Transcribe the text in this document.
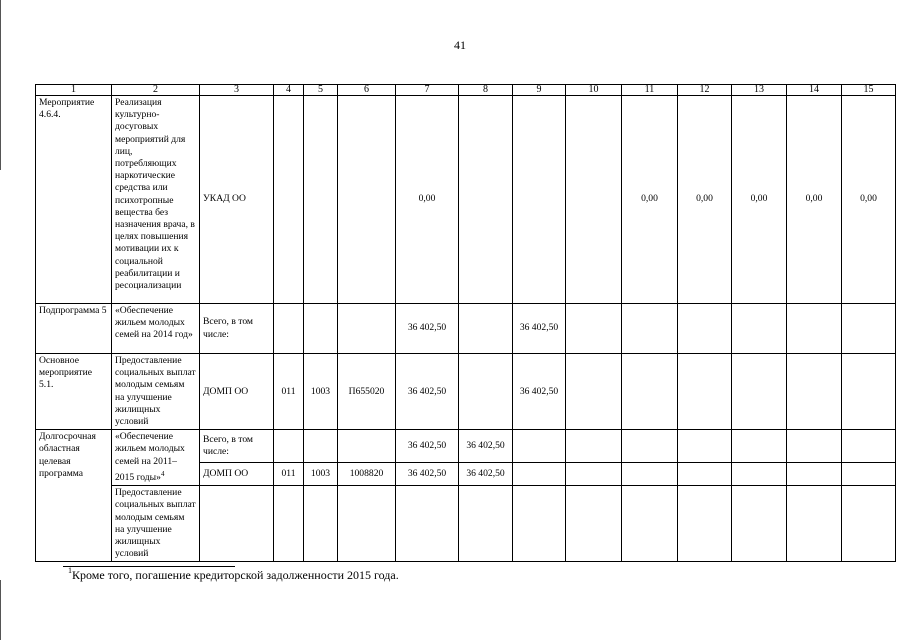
41
1	2	3	4	5	6	7	8	9	10	11	12	13	14	15
Мероприятие 4.6.4.	Реализация культурно-досуговых мероприятий для лиц, потребляющих наркотические средства или психотропные вещества без назначения врача, в целях повышения мотивации их к социальной реабилитации и ресоциализации	УКАД ОО				0,00				0,00	0,00	0,00	0,00	0,00
Подпрограмма 5	«Обеспечение жильем молодых семей на 2014 год»	Всего, в том числе:				36 402,50		36 402,50						
Основное мероприятие 5.1.	Предоставление социальных выплат молодым семьям на улучшение жилищных условий	ДОМП ОО	011	1003	П655020	36 402,50		36 402,50						
Долгосрочная областная целевая программа	«Обеспечение жильем молодых семей на 2011–2015 годы»$^4$	Всего, в том числе:				36 402,50	36 402,50							
		ДОМП ОО	011	1003	1008820	36 402,50	36 402,50							
	Предоставление социальных выплат молодым семьям на улучшение жилищных условий													
$^1$Кроме того, погашение кредиторской задолженности 2015 года.
